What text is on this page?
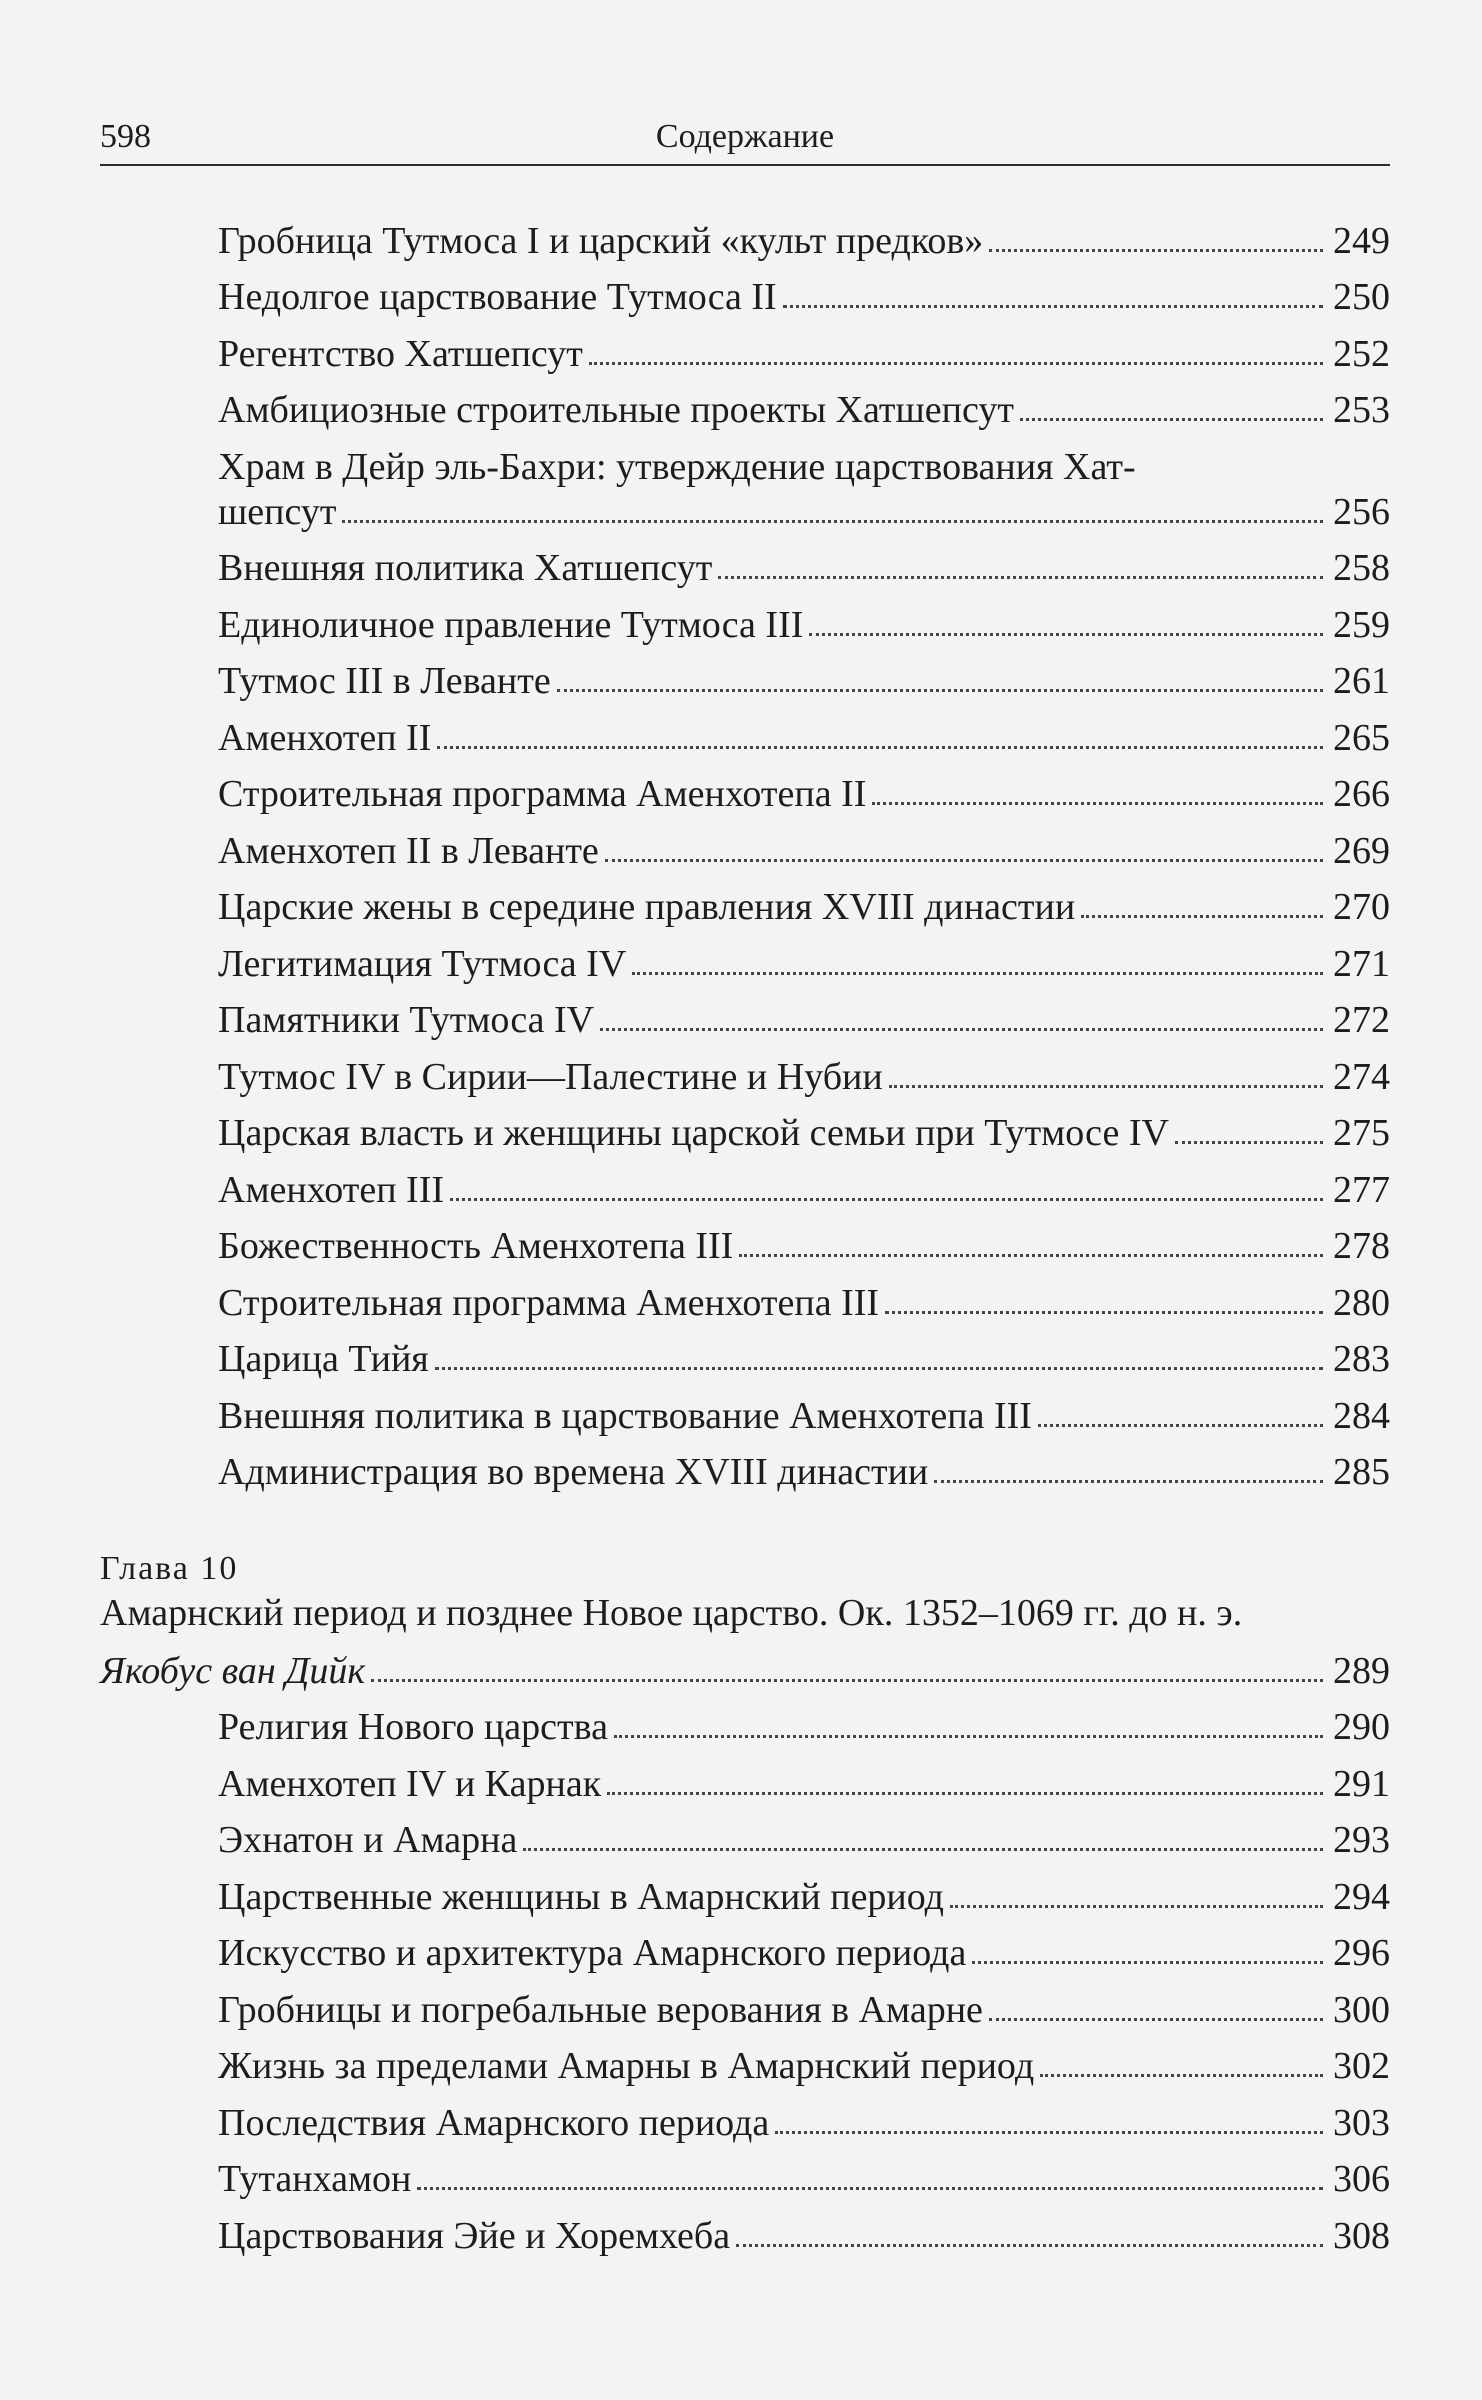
598	Содержание
Гробница Тутмоса I и царский «культ предков»	249
Недолгое царствование Тутмоса II	250
Регентство Хатшепсут	252
Амбициозные строительные проекты Хатшепсут	253
Храм в Дейр эль-Бахри: утверждение царствования Хат-
шепсут	256
Внешняя политика Хатшепсут	258
Единоличное правление Тутмоса III	259
Тутмос III в Леванте	261
Аменхотеп II	265
Строительная программа Аменхотепа II	266
Аменхотеп II в Леванте	269
Царские жены в середине правления XVIII династии	270
Легитимация Тутмоса IV	271
Памятники Тутмоса IV	272
Тутмос IV в Сирии—Палестине и Нубии	274
Царская власть и женщины царской семьи при Тутмосе IV	275
Аменхотеп III	277
Божественность Аменхотепа III	278
Строительная программа Аменхотепа III	280
Царица Тийя	283
Внешняя политика в царствование Аменхотепа III	284
Администрация во времена XVIII династии	285
Глава 10
Амарнский период и позднее Новое царство. Ок. 1352–1069 гг. до н. э.
Якобус ван Дийк	289
Религия Нового царства	290
Аменхотеп IV и Карнак	291
Эхнатон и Амарна	293
Царственные женщины в Амарнский период	294
Искусство и архитектура Амарнского периода	296
Гробницы и погребальные верования в Амарне	300
Жизнь за пределами Амарны в Амарнский период	302
Последствия Амарнского периода	303
Тутанхамон	306
Царствования Эйе и Хоремхеба	308
